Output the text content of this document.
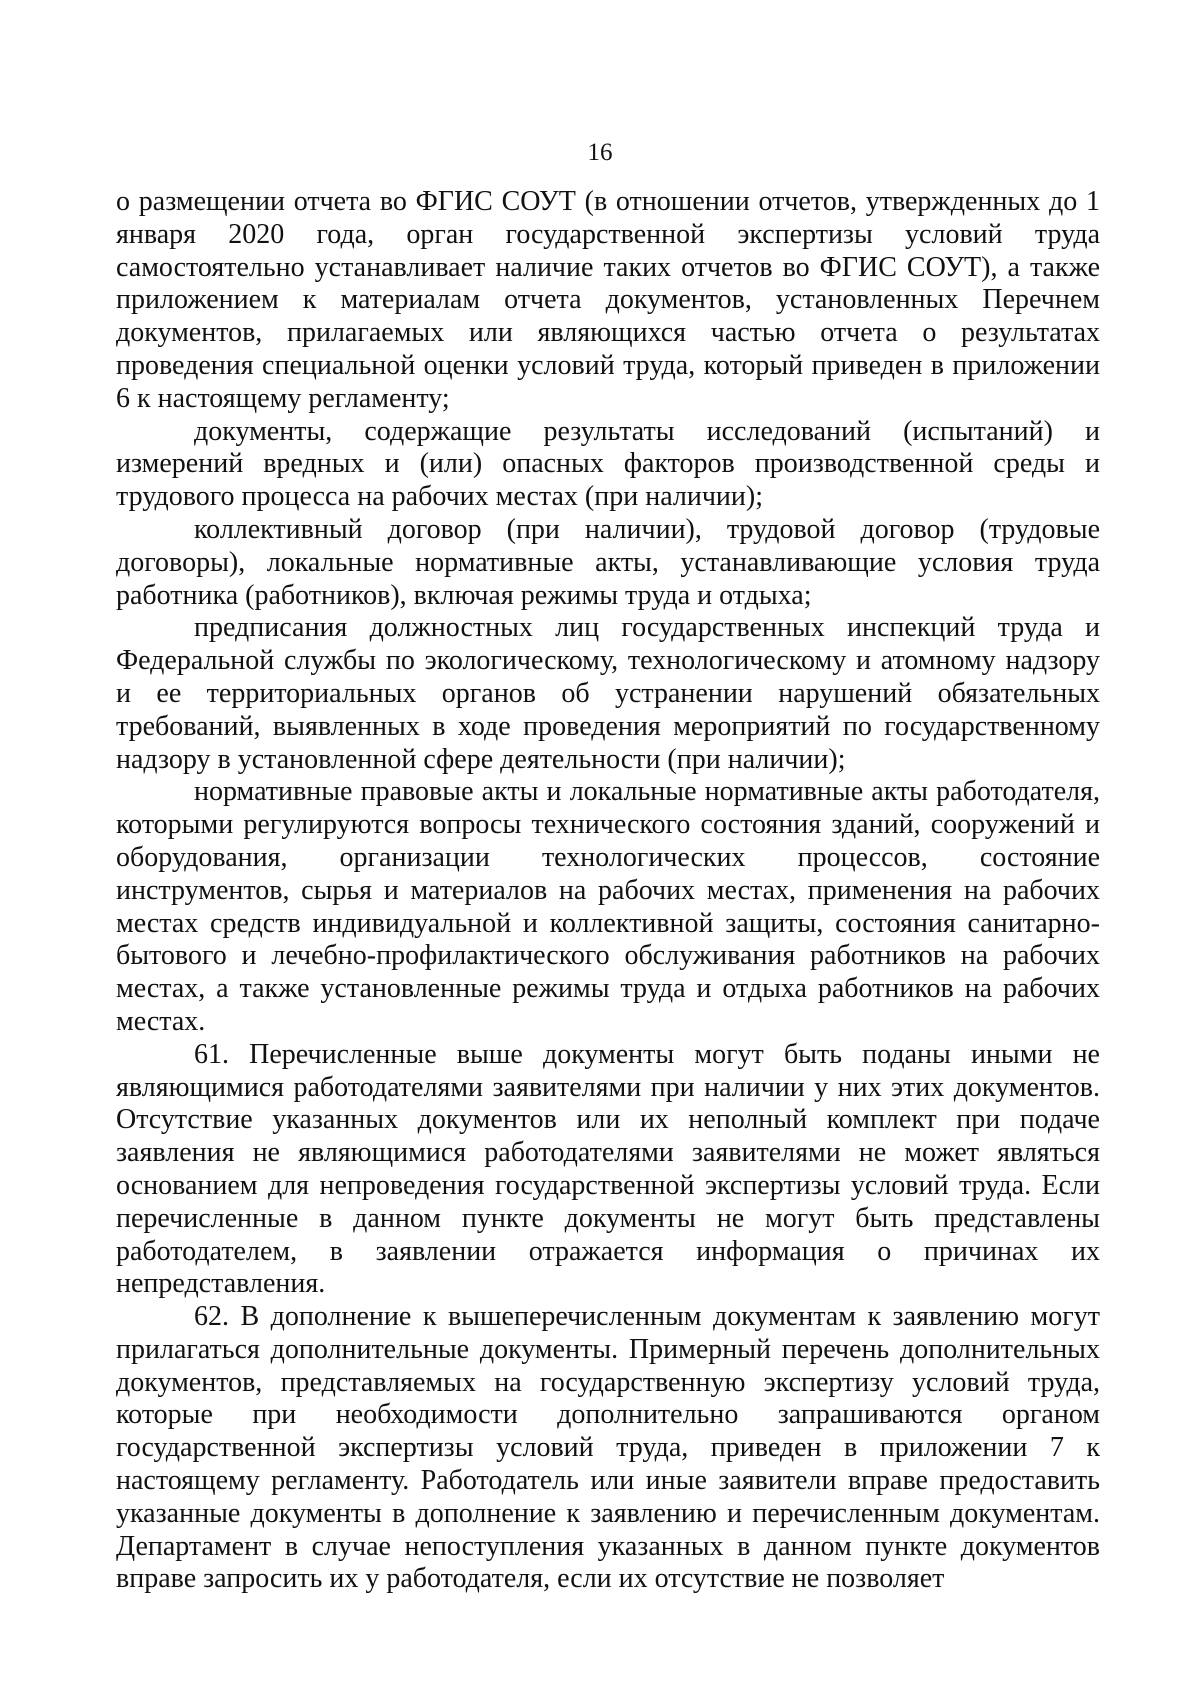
16

о размещении отчета во ФГИС СОУТ (в отношении отчетов, утвержденных до 1 января 2020 года, орган государственной экспертизы условий труда самостоятельно устанавливает наличие таких отчетов во ФГИС СОУТ), а также приложением к материалам отчета документов, установленных Перечнем документов, прилагаемых или являющихся частью отчета о результатах проведения специальной оценки условий труда, который приведен в приложении 6 к настоящему регламенту;

документы, содержащие результаты исследований (испытаний) и измерений вредных и (или) опасных факторов производственной среды и трудового процесса на рабочих местах (при наличии);

коллективный договор (при наличии), трудовой договор (трудовые договоры), локальные нормативные акты, устанавливающие условия труда работника (работников), включая режимы труда и отдыха;

предписания должностных лиц государственных инспекций труда и Федеральной службы по экологическому, технологическому и атомному надзору и ее территориальных органов об устранении нарушений обязательных требований, выявленных в ходе проведения мероприятий по государственному надзору в установленной сфере деятельности (при наличии);

нормативные правовые акты и локальные нормативные акты работодателя, которыми регулируются вопросы технического состояния зданий, сооружений и оборудования, организации технологических процессов, состояние инструментов, сырья и материалов на рабочих местах, применения на рабочих местах средств индивидуальной и коллективной защиты, состояния санитарно-бытового и лечебно-профилактического обслуживания работников на рабочих местах, а также установленные режимы труда и отдыха работников на рабочих местах.

61. Перечисленные выше документы могут быть поданы иными не являющимися работодателями заявителями при наличии у них этих документов. Отсутствие указанных документов или их неполный комплект при подаче заявления не являющимися работодателями заявителями не может являться основанием для непроведения государственной экспертизы условий труда. Если перечисленные в данном пункте документы не могут быть представлены работодателем, в заявлении отражается информация о причинах их непредставления.

62. В дополнение к вышеперечисленным документам к заявлению могут прилагаться дополнительные документы. Примерный перечень дополнительных документов, представляемых на государственную экспертизу условий труда, которые при необходимости дополнительно запрашиваются органом государственной экспертизы условий труда, приведен в приложении 7 к настоящему регламенту. Работодатель или иные заявители вправе предоставить указанные документы в дополнение к заявлению и перечисленным документам. Департамент в случае непоступления указанных в данном пункте документов вправе запросить их у работодателя, если их отсутствие не позволяет
